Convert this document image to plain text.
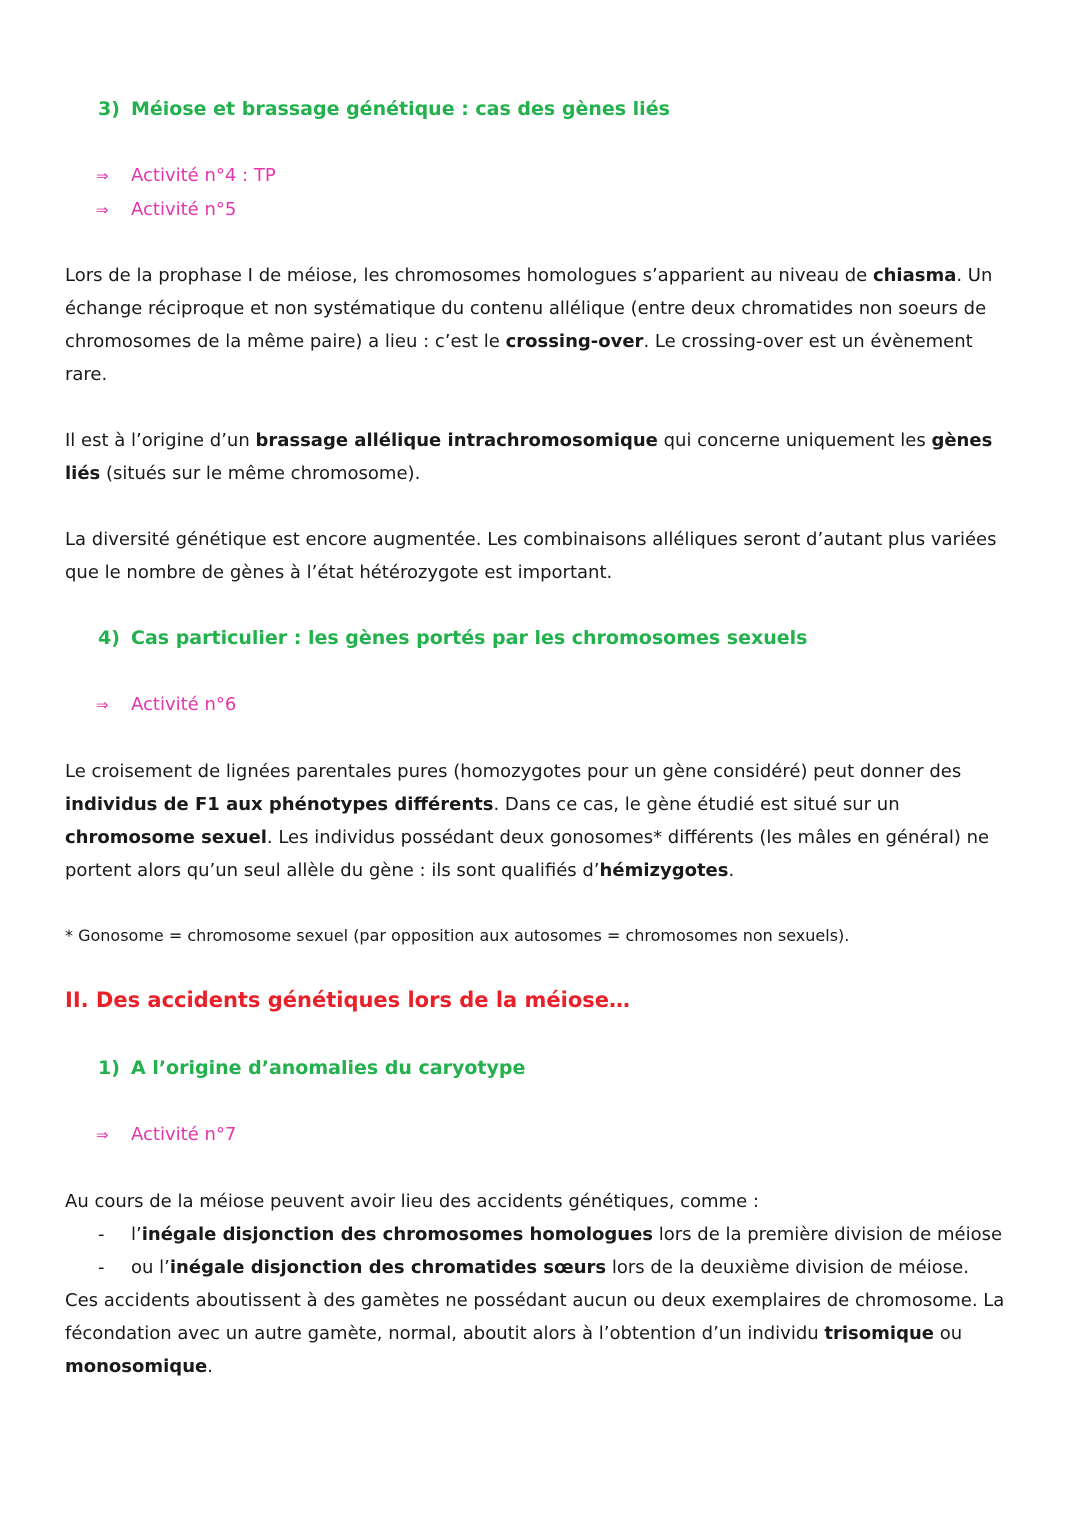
3) Méiose et brassage génétique : cas des gènes liés
⇒ Activité n°4 : TP
⇒ Activité n°5
Lors de la prophase I de méiose, les chromosomes homologues s’apparient au niveau de chiasma. Un
échange réciproque et non systématique du contenu allélique (entre deux chromatides non soeurs de
chromosomes de la même paire) a lieu : c’est le crossing-over. Le crossing-over est un évènement
rare.
Il est à l’origine d’un brassage allélique intrachromosomique qui concerne uniquement les gènes
liés (situés sur le même chromosome).
La diversité génétique est encore augmentée. Les combinaisons alléliques seront d’autant plus variées
que le nombre de gènes à l’état hétérozygote est important.
4) Cas particulier : les gènes portés par les chromosomes sexuels
⇒ Activité n°6
Le croisement de lignées parentales pures (homozygotes pour un gène considéré) peut donner des
individus de F1 aux phénotypes différents. Dans ce cas, le gène étudié est situé sur un
chromosome sexuel. Les individus possédant deux gonosomes* différents (les mâles en général) ne
portent alors qu’un seul allèle du gène : ils sont qualifiés d’hémizygotes.
* Gonosome = chromosome sexuel (par opposition aux autosomes = chromosomes non sexuels).
II. Des accidents génétiques lors de la méiose…
1) A l’origine d’anomalies du caryotype
⇒ Activité n°7
Au cours de la méiose peuvent avoir lieu des accidents génétiques, comme :
- l’inégale disjonction des chromosomes homologues lors de la première division de méiose
- ou l’inégale disjonction des chromatides sœurs lors de la deuxième division de méiose.
Ces accidents aboutissent à des gamètes ne possédant aucun ou deux exemplaires de chromosome. La
fécondation avec un autre gamète, normal, aboutit alors à l’obtention d’un individu trisomique ou
monosomique.
